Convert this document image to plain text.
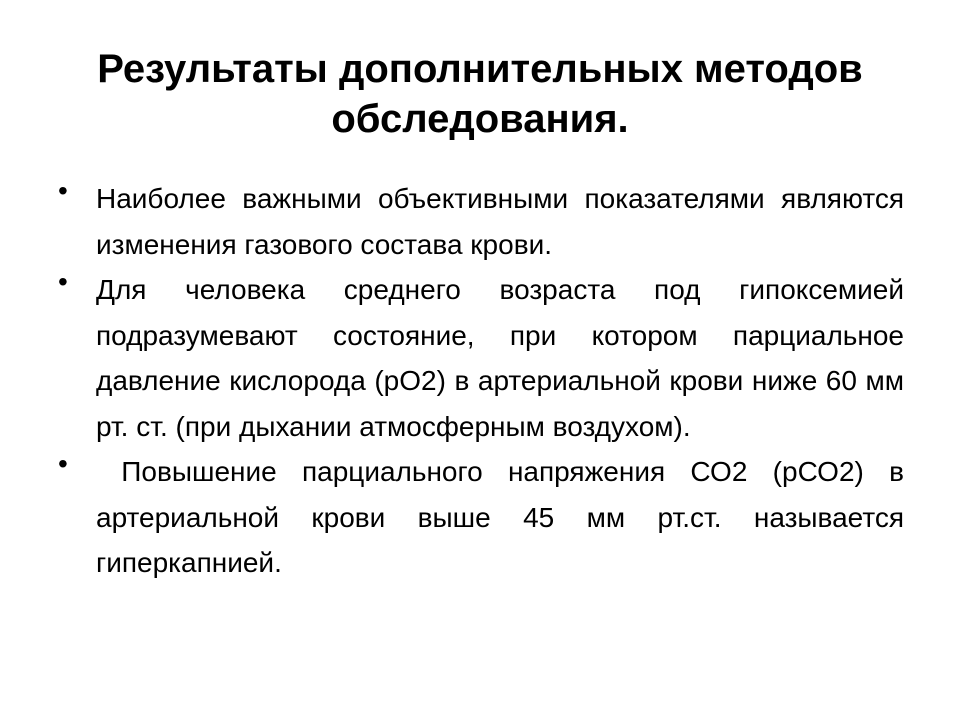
Результаты дополнительных методов
обследования.
• Наиболее важными объективными показателями являются изменения газового состава крови.
• Для человека среднего возраста под гипоксемией подразумевают состояние, при котором парциальное давление кислорода (рО2) в артериальной крови ниже 60 мм рт. ст. (при дыхании атмосферным воздухом).
• Повышение парциального напряжения СО2 (рСО2) в артериальной крови выше 45 мм рт.ст. называется гиперкапнией.
